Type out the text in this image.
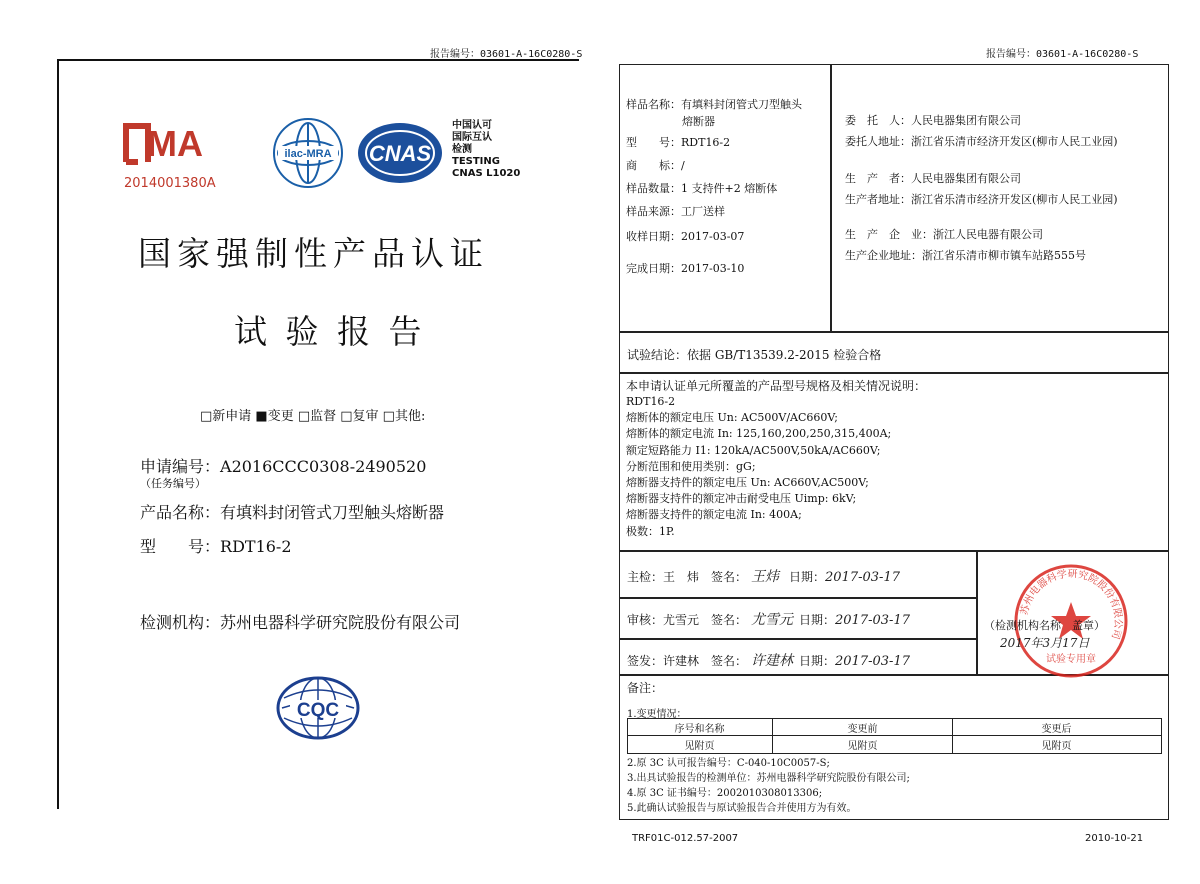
报告编号：03601-A-16C0280-S
MA
2014001380A
ilac-MRA CNAS
中国认可
国际互认
检测
TESTING
CNAS L1020
国家强制性产品认证
试 验 报 告
□新申请 ■变更 □监督 □复审 □其他:
申请编号：A2016CCC0308-2490520
（任务编号）
产品名称：有填料封闭管式刀型触头熔断器
型　　号：RDT16-2
检测机构：苏州电器科学研究院股份有限公司
CQC
报告编号：03601-A-16C0280-S
样品名称：有填料封闭管式刀型触头
熔断器
型　　号：RDT16-2
商　　标：/
样品数量：1 支持件+2 熔断体
样品来源：工厂送样
收样日期：2017-03-07
完成日期：2017-03-10
委　托　人：人民电器集团有限公司
委托人地址：浙江省乐清市经济开发区(柳市人民工业园)
生　产　者：人民电器集团有限公司
生产者地址：浙江省乐清市经济开发区(柳市人民工业园)
生　产　企　业：浙江人民电器有限公司
生产企业地址：浙江省乐清市柳市镇车站路555号
试验结论：依据 GB/T13539.2-2015 检验合格
本申请认证单元所覆盖的产品型号规格及相关情况说明：
RDT16-2
熔断体的额定电压 Un: AC500V/AC660V;
熔断体的额定电流 In: 125,160,200,250,315,400A;
额定短路能力 I1: 120kA/AC500V,50kA/AC660V;
分断范围和使用类别：gG;
熔断器支持件的额定电压 Un: AC660V,AC500V;
熔断器支持件的额定冲击耐受电压 Uimp: 6kV;
熔断器支持件的额定电流 In: 400A;
极数：1P.
主检：王　炜　签名： 王炜 日期：2017-03-17
审核：尤雪元　签名： 尤雪元 日期：2017-03-17
签发：许建林　签名： 许建林 日期：2017-03-17
苏州电器科学研究院股份有限公司
试验专用章
（检测机构名称　盖章）
2017年3月17日
备注：
1.变更情况：
序号和名称	变更前	变更后
见附页	见附页	见附页
2.原 3C 认可报告编号：C-040-10C0057-S;
3.出具试验报告的检测单位：苏州电器科学研究院股份有限公司;
4.原 3C 证书编号：2002010308013306;
5.此确认试验报告与原试验报告合并使用方为有效。
TRF01C-012.57-2007	2010-10-21
